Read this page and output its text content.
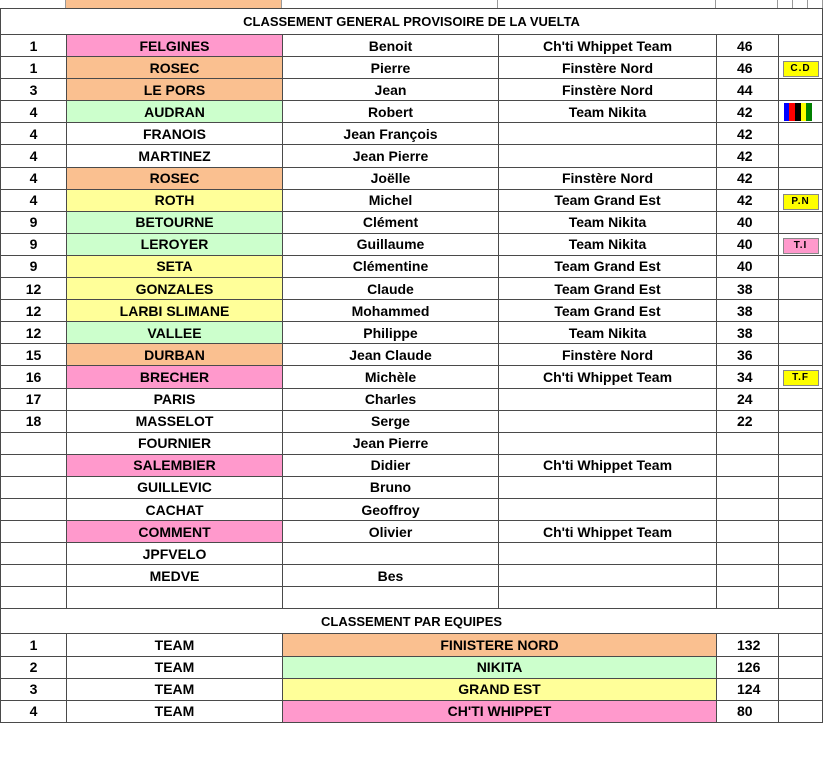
CLASSEMENT GENERAL PROVISOIRE DE LA VUELTA					
1	FELGINES	Benoit	Ch'ti Whippet Team	46	
1	ROSEC	Pierre	Finstère Nord	46	C.D
3	LE PORS	Jean	Finstère Nord	44	
4	AUDRAN	Robert	Team Nikita	42	
4	FRANOIS	Jean François		42	
4	MARTINEZ	Jean Pierre		42	
4	ROSEC	Joëlle	Finstère Nord	42	
4	ROTH	Michel	Team Grand Est	42	P.N
9	BETOURNE	Clément	Team Nikita	40	
9	LEROYER	Guillaume	Team Nikita	40	T.I
9	SETA	Clémentine	Team Grand Est	40	
12	GONZALES	Claude	Team Grand Est	38	
12	LARBI SLIMANE	Mohammed	Team Grand Est	38	
12	VALLEE	Philippe	Team Nikita	38	
15	DURBAN	Jean Claude	Finstère Nord	36	
16	BRECHER	Michèle	Ch'ti Whippet Team	34	T.F
17	PARIS	Charles		24	
18	MASSELOT	Serge		22	
	FOURNIER	Jean Pierre			
	SALEMBIER	Didier	Ch'ti Whippet Team		
	GUILLEVIC	Bruno			
	CACHAT	Geoffroy			
	COMMENT	Olivier	Ch'ti Whippet Team		
	JPFVELO				
	MEDVE	Bes			

CLASSEMENT PAR EQUIPES					
1	TEAM	FINISTERE NORD		132	
2	TEAM	NIKITA		126	
3	TEAM	GRAND EST		124	
4	TEAM	CH'TI WHIPPET		80	
